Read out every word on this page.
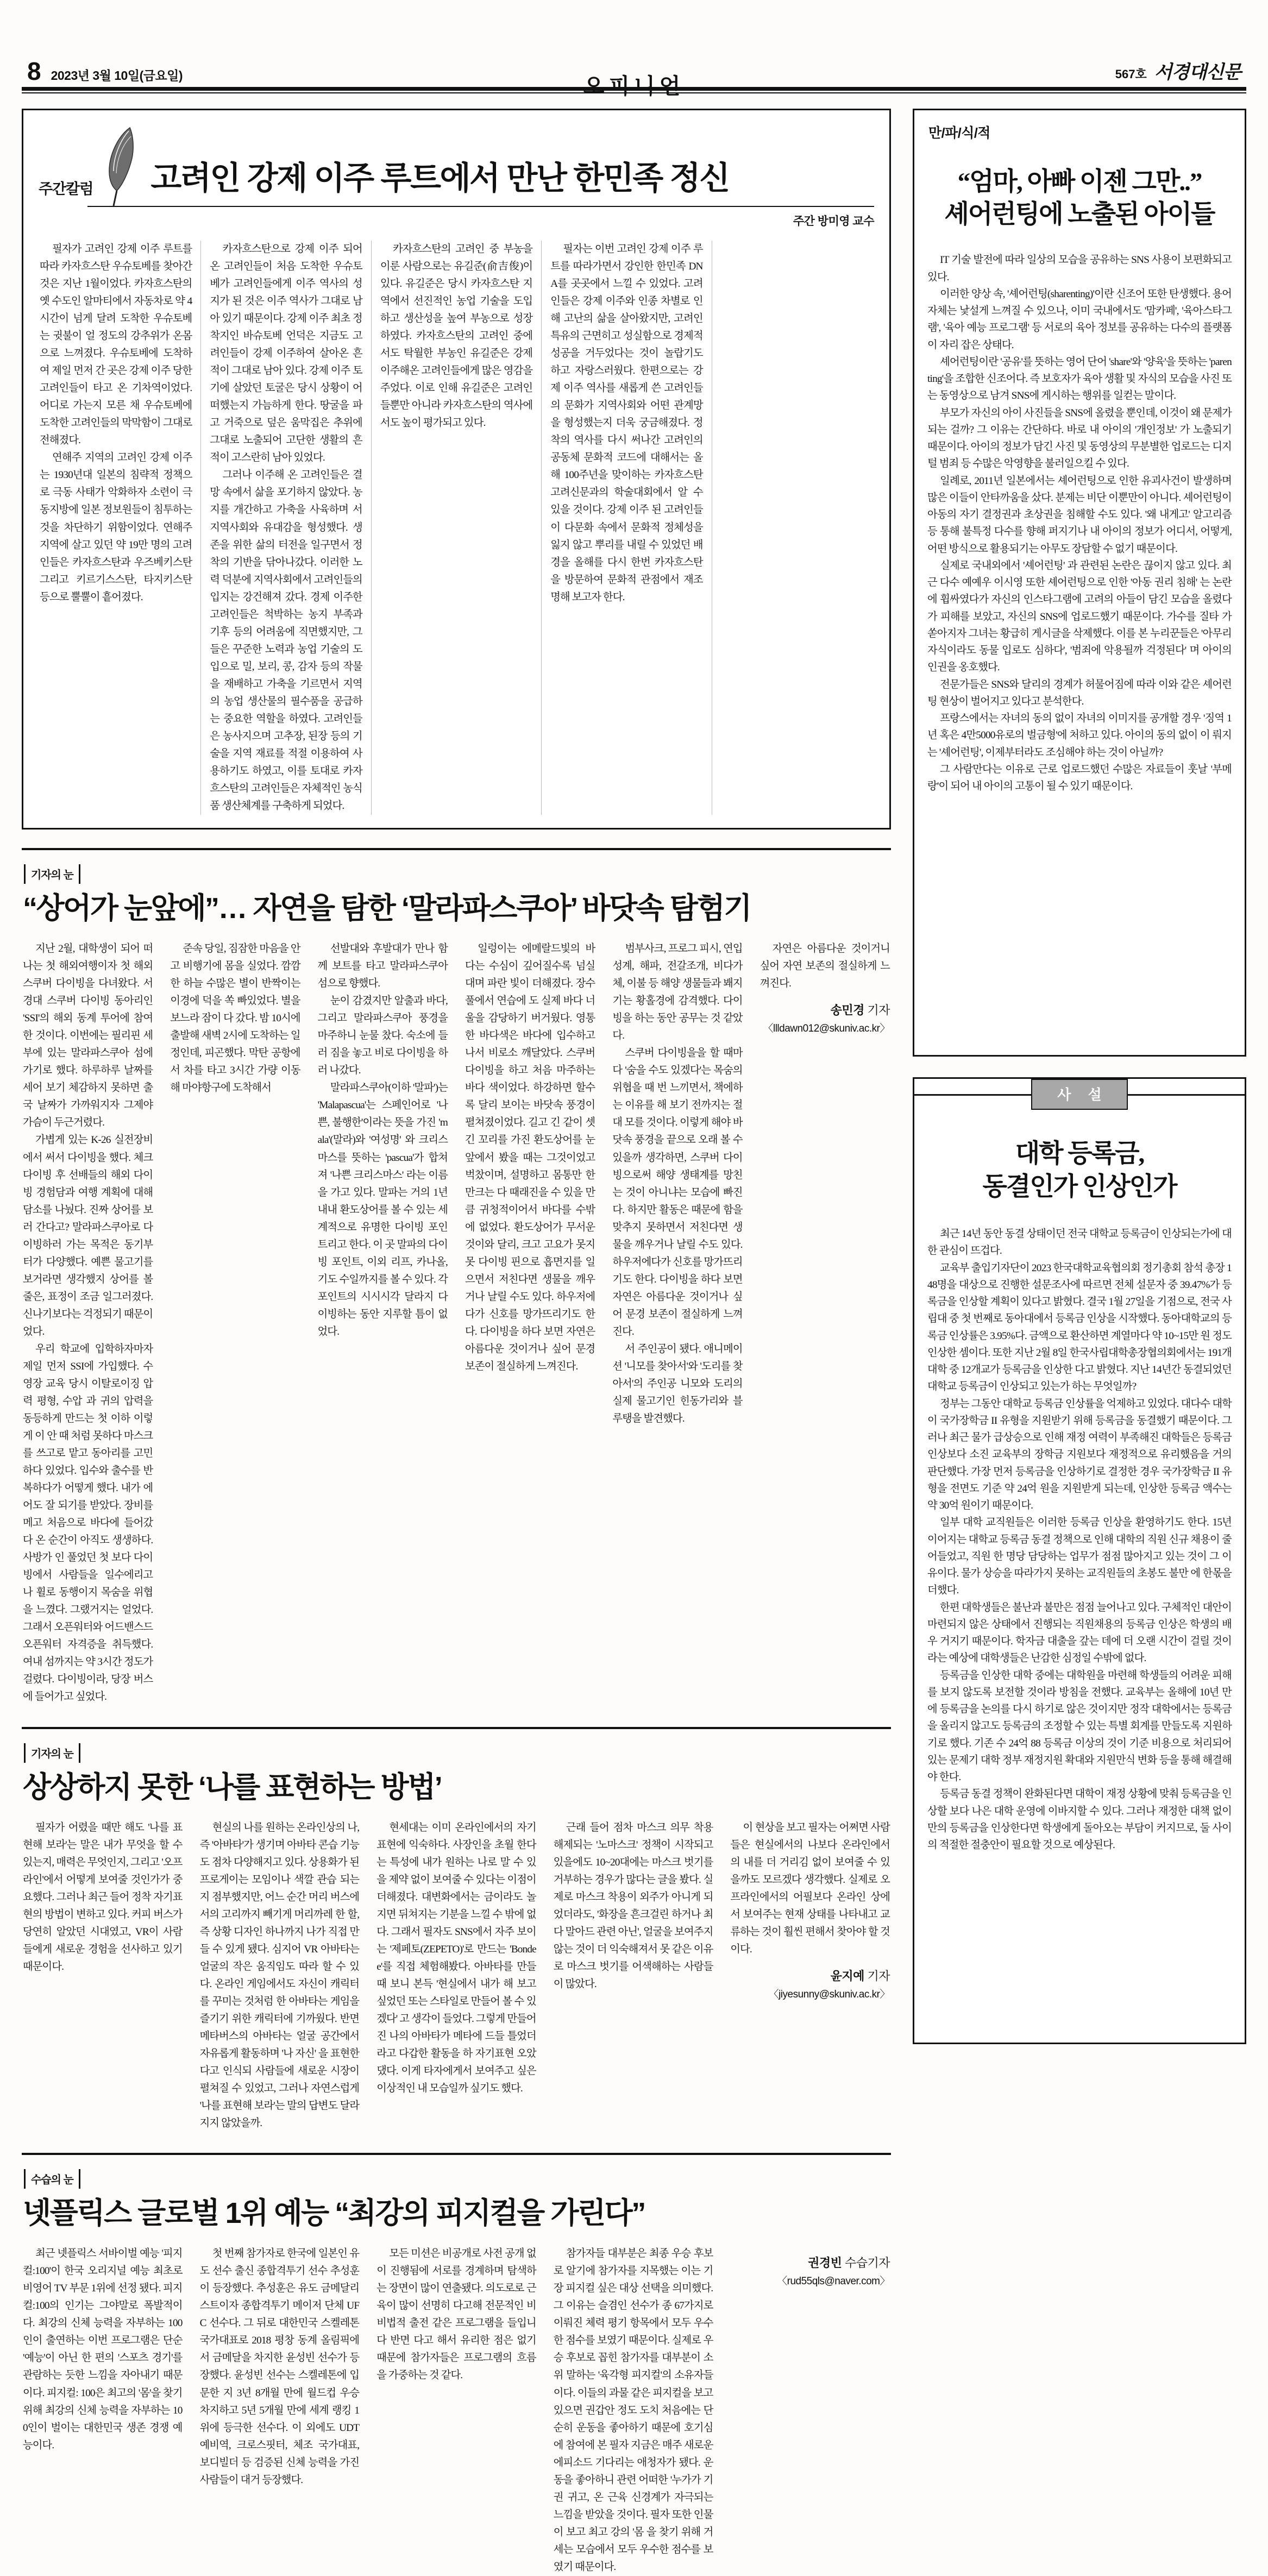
8 2023년 3월 10일(금요일)	오피니언
567호 서경대신문
주간칼럼 고려인 강제 이주 루트에서 만난 한민족 정신
주간 방미영 교수

필자가 고려인 강제 이주 루트를 따라 카자흐스탄 우슈토베를 찾아간 것은 지난 1월이었다. 카자흐스탄의 옛 수도인 알마티에서 자동차로 약 4시간이 넘게 달려 도착한 우슈토베는 귓불이 얼 정도의 강추위가 온몸으로 느껴졌다. 우슈토베에 도착하여 제일 먼저 간 곳은 강제 이주 당한 고려인들이 타고 온 기차역이었다. 어디로 가는지 모른 채 우슈토베에 도착한 고려인들의 막막함이 그대로 전해졌다.

연해주 지역의 고려인 강제 이주는 1930년대 일본의 침략적 정책으로 극동 사태가 악화하자 소련이 극동지방에 일본 정보원들이 침투하는 것을 차단하기 위함이었다. 연해주 지역에 살고 있던 약 19만 명의 고려인들은 카자흐스탄과 우즈베키스탄 그리고 키르기스스탄, 타지키스탄 등으로 뿔뿔이 흩어졌다.

카자흐스탄으로 강제 이주 되어 온 고려인들이 처음 도착한 우슈토베가 고려인들에게 이주 역사의 성지가 된 것은 이주 역사가 그대로 남아 있기 때문이다. 강제 이주 최초 정착지인 바슈토베 언덕은 지금도 고려인들이 강제 이주하여 살아온 흔적이 그대로 남아 있다. 강제 이주 토기에 살았던 토굴은 당시 상황이 어떠했는지 가늠하게 한다. 땅굴을 파고 거죽으로 덮은 움막집은 추위에 그대로 노출되어 고단한 생활의 흔적이 고스란히 남아 있었다.

그러나 이주해 온 고려인들은 결망 속에서 삶을 포기하지 않았다. 농지를 개간하고 가축을 사육하며 서 지역사회와 유대감을 형성했다. 생존을 위한 삶의 터전을 일구면서 정착의 기반을 닦아나갔다. 이러한 노력 덕분에 지역사회에서 고려인들의 입지는 강건해져 갔다. 경제 이주한 고려인들은 척박하는 농지 부족과 기후 등의 어려움에 직면했지만, 그들은 꾸준한 노력과 농업 기술의 도입으로 밀, 보리, 콩, 감자 등의 작물을 재배하고 가축을 기르면서 지역의 농업 생산물의 필수품을 공급하는 중요한 역할을 하였다. 고려인들은 농사지으며 고추장, 된장 등의 기술을 지역 재료를 적절 이용하여 사용하기도 하였고, 이를 토대로 카자흐스탄의 고려인들은 자체적인 농식품 생산체계를 구축하게 되었다.

카자흐스탄의 고려인 중 부농을 이룬 사람으로는 유길준(俞吉俊)이 있다. 유길준은 당시 카자흐스탄 지역에서 선진적인 농업 기술을 도입하고 생산성을 높여 부농으로 성장하였다. 카자흐스탄의 고려인 중에서도 탁월한 부농인 유길준은 강제 이주해온 고려인들에게 많은 영감을 주었다. 이로 인해 유길준은 고려인들뿐만 아니라 카자흐스탄의 역사에서도 높이 평가되고 있다.

필자는 이번 고려인 강제 이주 루트를 따라가면서 강인한 한민족 DNA를 곳곳에서 느낄 수 있었다. 고려인들은 강제 이주와 인종 차별로 인해 고난의 삶을 살아왔지만, 고려인 특유의 근면히고 성실함으로 경제적 성공을 거두었다는 것이 놀랍기도 하고 자랑스러웠다. 한편으로는 강제 이주 역사를 새롭게 쓴 고려인들의 문화가 지역사회와 어떤 관계망을 형성했는지 더욱 궁금해졌다. 정착의 역사를 다시 써나간 고려인의 공동체 문화적 코드에 대해서는 올해 100주년을 맞이하는 카자흐스탄 고려신문과의 학술대회에서 알 수 있을 것이다. 강제 이주 된 고려인들이 다문화 속에서 문화적 정체성을 잃지 않고 뿌리를 내릴 수 있었던 배경을 올해를 다시 한번 카자흐스탄을 방문하여 문화적 관점에서 재조명해 보고자 한다.

기자의 눈
“상어가 눈앞에”… 자연을 탐한 ‘말라파스쿠아’ 바닷속 탐험기

지난 2월, 대학생이 되어 떠나는 첫 해외여행이자 첫 해외 스쿠버 다이빙을 다녀왔다. 서경대 스쿠버 다이빙 동아리인 'SSI'의 해외 동계 투어에 참여한 것이다. 이번에는 필리핀 세부에 있는 말라파스쿠아 섬에 가기로 했다. 하루하루 날짜를 세어 보기 체감하지 못하면 출국 날짜가 가까워지자 그제야 가슴이 두근거렸다.

가볍게 있는 K-26 실전장비에서 써서 다이빙을 했다. 체크 다이빙 후 선배들의 해외 다이빙 경험담과 여행 계획에 대해 담소를 나눴다. 진짜 상어를 보러 간다고? 말라파스쿠아로 다이빙하러 가는 목적은 동기부터가 다양했다. 예쁜 물고기를 보거라면 생각했지 상어를 볼 줄은, 표정이 조금 일그러졌다. 신나기보다는 걱정되기 때문이었다.

우리 학교에 입학하자마자 제일 먼저 SSI에 가입했다. 수영장 교육 당시 이탈로이징 압력 평형, 수압 과 귀의 압력을 동등하게 만드는 첫 이하 이렇게 이 안 때 처럼 못하다 마스크를 쓰고로 맡고 동아리를 고민하다 있었다. 입수와 출수를 반복하다가 어떻게 했다. 내가 에어도 잘 되기를 받았다. 장비를 메고 처음으로 바다에 들어갔다 온 순간이 아직도 생생하다. 사방가 인 풀었던 첫 보다 다이빙에서 사람들을 일수에리고 나 휠로 동행이지 목숨을 위협을 느꼈다. 그랬거지는 얼었다. 그래서 오픈워터와 어드밴스드 오픈워터 자격증을 취득했다. 여내 섬까지는 약 3시간 정도가 걸렸다. 다이빙이라, 당장 버스에 들어가고 싶었다.

준속 당일, 짐잠한 마음을 안고 비행기에 몸을 실었다. 깜깜한 하늘 수많은 별이 반짝이는 이경에 덕을 쏙 빠있었다. 별을 보느라 잠이 다 갔다. 밤 10시에 출발해 새벽 2시에 도착하는 일정인데, 피곤했다. 막탄 공항에서 차를 타고 3시간 가량 이동해 마야항구에 도착해서

선발대와 후발대가 만나 함께 보트를 타고 말라파스쿠아 섬으로 향했다.

눈이 감겼지만 알출과 바다, 그리고 말라파스쿠아 풍경을 마주하니 눈물 찼다. 숙소에 들러 짐을 놓고 비로 다이빙을 하러 나갔다.

말라파스쿠아(이하 '말파')는 'Malapascua'는 스페인어로 '나쁜, 불행한'이라는 뜻을 가진 'mala'(말라)와 '여성명' 와 크리스마스를 뜻하는 'pascua'가 합쳐져 '나쁜 크리스마스' 라는 이름을 가고 있다. 말파는 거의 1년 내내 환도상어를 볼 수 있는 세계적으로 유명한 다이빙 포인트리고 한다. 이 곳 말파의 다이빙 포인트, 이외 리프, 카나올, 기도 수일까지를 볼 수 있다. 각 포인트의 시시시각 달라지 다이빙하는 동안 지루할 틈이 없었다.

일렁이는 에메랄드빛의 바다는 수심이 깊어질수록 넘실대며 파란 빛이 더해졌다. 장수풀에서 연습에 도 실제 바다 너울을 감당하기 버거웠다. 영통한 바다색은 바다에 입수하고 나서 비로소 깨달았다. 스쿠버 다이빙을 하고 처음 마주하는 바다 색이었다. 하강하면 할수록 달리 보이는 바닷속 풍경이 펼쳐졌이었다. 길고 긴 같이 셋긴 꼬리를 가진 환도상어를 눈앞에서 봤을 때는 그것이었고 벅찼이며, 설명하고 몸통만 한 만크는 다 때래진을 수 있을 만큼 귀청적이어서 바다를 수밖에 없었다. 환도상어가 무서운 것이와 달리, 크고 고요가 못지못 다이빙 핀으로 흡면지를 일으면서 저친다면 생물을 깨우거나 날릴 수도 있다. 하우저에다가 신호를 망가뜨리기도 한다. 다이빙을 하다 보면 자연은 아름다운 것이거나 싶어 문경 보존이 절실하게 느껴진다.

범부사크, 프로그 피시, 연입성계, 해파, 전갈조개, 비다가체, 이불 등 해양 생물들과 봬지기는 황홀경에 감격했다. 다이빙을 하는 동안 공무는 것 같았다.

스쿠버 다이빙을을 할 때마다 '숨을 수도 있겠다'는 목숨의 위협을 때 번 느끼면서, 책에하는 이유를 해 보기 전까지는 절대 모를 것이다. 이렇게 해야 바닷속 풍경을 끝으로 오래 볼 수 있을까 생각하면, 스쿠버 다이빙으로써 해양 생태계를 망친는 것이 아니냐는 모습에 빠진다. 하지만 활동은 때문에 함을 맞추지 못하면서 저친다면 생물을 깨우거나 날릴 수도 있다. 하우저에다가 신호를 망가뜨리기도 한다. 다이빙을 하다 보면 자연은 아름다운 것이거나 싶어 문경 보존이 절실하게 느껴진다.

서 주인공이 됐다. 애니메이션 '니모를 찾아서'와 '도리를 찾아서'의 주인공 니모와 도리의 실제 물고기인 힌동가리와 블루탱을 발견했다.

자연은 아름다운 것이거니 싶어 자연 보존의 절실하게 느껴진다.

송민경 기자
〈llldawn012@skuniv.ac.kr〉
기자의 눈
상상하지 못한 ‘나를 표현하는 방법’

필자가 어렸을 때만 해도 '나를 표현해 보라'는 말은 내가 무엇을 할 수 있는지, 매력은 무엇인지, 그리고 '오프라인'에서 어떻게 보여줄 것인가가 중요했다. 그러나 최근 들어 정착 자기표현의 방법이 변하고 있다. 커피 버스가 당연히 알았던 시대였고, VR이 사람들에게 새로운 경험을 선사하고 있기 때문이다.

현실의 나를 원하는 온라인상의 나, 즉 '아바타'가 생기며 아바타 콘습 기능도 점차 다양해지고 있다. 상용화가 된 프로게이는 모임이나 색깔 관습 되는지 점부했지만, 어느 순간 머리 버스에서의 고리까지 빼기게 머리까레 한 할, 즉 상황 디자인 하나까지 나가 직접 만들 수 있게 됐다. 심지어 VR 아바타는 얼굴의 작은 움직임도 따라 할 수 있다. 온라인 게임에서도 자신이 캐릭터를 꾸미는 것처럼 한 아바타는 게임을 즐기기 위한 캐릭터에 기까웠다. 반면 메타버스의 아바타는 얼굴 공간에서 자유롭게 활동하며 '나 자신' 을 표현한다고 인식되 사람들에 새로운 시장이 펼쳐질 수 있었고, 그러나 자연스럽게 '나를 표현해 보라'는 말의 답변도 달라지지 않았을까.

현세대는 이미 온라인에서의 자기표현에 익숙하다. 사장인을 초월 한다는 특성에 내가 원하는 나로 말 수 있을 제약 없이 보여줄 수 있다는 이점이 더해졌다. 대변화에서는 금이라도 놀지면 뒤쳐지는 기분을 느낄 수 밖에 없다. 그래서 필자도 SNS에서 자주 보이는 '제페토(ZEPETO)'로 만드는 'Bondee'를 직접 체험해봤다. 아바타를 만들 때 보니 본득 '현실에서 내가 해 보고 싶었던 또는 스타일로 만들어 볼 수 있겠다' 고 생각이 들었다. 그렇게 만들어진 나의 아바타가 메타에 드들 틀었더라고 다갑한 활동을 하 자기표현 오았댔다. 이게 타자에게서 보여주고 싶은 이상적인 내 모습일까 싶기도 했다.

근래 들어 점차 마스크 의무 착용 해제되는 '노마스크' 정책이 시작되고 있을에도 10~20대에는 마스크 벗기를 거부하는 경우가 많다는 글을 봤다. 실제로 마스크 착용이 외주가 아니게 되었더라도, '화장을 흔크걸린 하거나 최다 말아드 관련 아닌', 얼굴을 보여주지 않는 것이 더 익숙해져서 못 같은 이유로 마스크 벗기를 어색해하는 사람들이 많았다.

이 현상을 보고 필자는 어쩌면 사람들은 현실에서의 나보다 온라인에서의 내를 더 거리김 없이 보여줄 수 있을까도 모르겠다 생각했다. 실제로 오프라인에서의 어필보다 온라인 상에서 보여주는 현재 상태를 나타내고 교류하는 것이 훨씬 편해서 찾아야 할 것이다.

윤지예 기자
〈jiyesunny@skuniv.ac.kr〉
수습의 눈
넷플릭스 글로벌 1위 예능 “최강의 피지컬을 가린다”

최근 넷플릭스 서바이벌 예능 '피지컬:100'이 한국 오리지널 예능 최초로 비영어 TV 부문 1위에 선정 됐다. 피지컬:100의 인기는 그야말로 폭발적이다. 최강의 신체 능력을 자부하는 100인이 출연하는 이번 프로그램은 단순 '예능'이 아닌 한 편의 '스포츠 경기'를 관람하는 듯한 느낌을 자아내기 때문이다. 피지컬: 100은 최고의 '몸'을 찾기 위해 최강의 신체 능력을 자부하는 100인이 벌이는 대한민국 생존 경쟁 예능이다.

첫 번째 참가자로 한국에 일본인 유도 선수 출신 종합격투기 선수 추성훈이 등장했다. 추성훈은 유도 금메달리스트이자 종합격투기 메이저 단체 UFC 선수다. 그 뒤로 대한민국 스켈레톤 국가대표로 2018 평창 동계 올림픽에서 금메달을 차지한 윤성빈 선수가 등장했다. 윤성빈 선수는 스켈레톤에 입문한 지 3년 8개월 만에 월드컵 우승 차지하고 5년 5개월 만에 세계 랭킹 1위에 등극한 선수다. 이 외에도 UDT 예비역, 크로스핏터, 체조 국가대표, 보디빌더 등 검증된 신체 능력을 가진 사람들이 대거 등장했다.

모든 미션은 비공개로 사전 공개 없이 진행됨에 서로를 경계하며 탐색하는 장면이 많이 연출됐다. 의도로로 근육이 많이 선명히 다고해 전문적인 비비법적 출전 같은 프로그램을 들입니다 반면 다고 해서 유리한 점은 없기 때문에 참가자들은 프로그램의 흐름을 가중하는 것 같다.

참가자들 대부분은 최종 우승 후보로 알기에 참가자를 지목했는 이는 기장 피지컬 싶은 대상 선택을 의미했다. 그 이유는 슬겸인 선수가 종 67가지로 이뤄진 체력 평기 항목에서 모두 우수한 점수를 보였기 때문이다. 실제로 우승 후보로 꼽힌 참가자를 대부분이 소위 말하는 '육각형 피지컬'의 소유자들이다. 이들의 과물 같은 피지컬을 보고 있으면 권갑안 정도 도치 처음에는 단순히 운동을 좋아하기 때문에 호기심에 참여에 본 필자 지금은 매주 새로운 에피소드 기다리는 애청자가 됐다. 운동을 좋아하니 관련 어떠한 '누가가 기권 귀고, 온 근육 신경계가 자극되는 느낌을 받았을 것이다. 필자 또한 인물이 보고 최고 강의 '몸 을 찾기 위해 거세는 모습에서 모두 우수한 점수를 보였기 때문이다.

권경빈 수습기자
〈rud55qls@naver.com〉
만/파/식/적
“엄마, 아빠 이젠 그만..”
셰어런팅에 노출된 아이들

IT 기술 발전에 따라 일상의 모습을 공유하는 SNS 사용이 보편화되고 있다.

이러한 양상 속, '셰어런팅(sharenting)'이란 신조어 또한 탄생했다. 용어 자체는 낯설게 느껴질 수 있으나, 이미 국내에서도 '맘카페', '육아스타그램', '육아 예능 프로그램' 등 서로의 육아 정보를 공유하는 다수의 플랫폼이 자리 잡은 상태다.

셰어런팅이란 '공유'를 뜻하는 영어 단어 'share'와 '양육'을 뜻하는 'parenting'을 조합한 신조어다. 즉 보호자가 육아 생활 및 자식의 모습을 사진 또는 동영상으로 남겨 SNS에 게시하는 행위를 일컫는 말이다.

부모가 자신의 아이 사진들을 SNS에 올렸을 뿐인데, 이것이 왜 문제가 되는 걸까? 그 이유는 간단하다. 바로 내 아이의 '개인정보' 가 노출되기 때문이다. 아이의 정보가 담긴 사진 및 동영상의 무분별한 업로드는 디지털 범죄 등 수많은 악영향을 불러일으킬 수 있다.

일례로, 2011년 일본에서는 셰어런팅으로 인한 유괴사건이 발생하며 많은 이들이 안타까움을 샀다. 분제는 비단 이뿐만이 아니다. 셰어런팅이 아동의 자기 결정권과 초상권을 침해할 수도 있다. '왜 내게고' 알고리즘 등 통해 불특정 다수를 향해 퍼지기나 내 아이의 정보가 어디서, 어떻게, 어떤 방식으로 활용되기는 아무도 장담할 수 없기 때문이다.

실제로 국내외에서 '셰어런팅' 과 관련된 논란은 끊이지 않고 있다. 최근 다수 예예우 이시영 또한 셰어런팅으로 인한 '아동 권리 침해' 는 논란에 휩싸였다가 자신의 인스타그램에 고려의 아들이 담긴 모습을 올렸다가 피해를 보았고, 자신의 SNS에 업로드했기 때문이다. 가수를 질타 가 쏟아지자 그녀는 황급히 게시글을 삭제했다. 이를 본 누리꾼들은 '아무리 자식이라도 동물 입로도 심하다', '범죄에 악용될까 걱정된다' 며 아이의 인권을 옹호했다.

전문가들은 SNS와 달리의 경계가 허물어짐에 따라 이와 같은 셰어런팅 현상이 벌어지고 있다고 분석한다.

프랑스에서는 자녀의 동의 없이 자녀의 이미지를 공개할 경우 '징역 1년 혹은 4만5000유로의 벌금형'에 처하고 있다. 아이의 동의 없이 이 뤄지는 '셰어런팅', 이제부터라도 조심해야 하는 것이 아닐까?

그 사람만다는 이유로 근로 업로드했던 수많은 자료들이 훗날 '부메랑'이 되어 내 아이의 고통이 될 수 있기 때문이다.

사 설
대학 등록금,
동결인가 인상인가

최근 14년 동안 동결 상태이던 전국 대학교 등록금이 인상되는가에 대한 관심이 뜨겁다.

교육부 출입기자단이 2023 한국대학교육협의회 정기총회 참석 총장 148명을 대상으로 진행한 설문조사에 따르면 전체 설문자 중 39.47%가 등록금을 인상할 계획이 있다고 밝혔다. 결국 1월 27일을 기점으로, 전국 사립대 중 첫 번째로 동아대에서 등록금 인상을 시작했다. 동아대학교의 등록금 인상률은 3.95%다. 금액으로 환산하면 계열마다 약 10~15만 원 정도 인상한 셈이다. 또한 지난 2월 8일 한국사립대학총장협의회에서는 191개 대학 중 12개교가 등록금을 인상한 다고 밝혔다. 지난 14년간 동결되었던 대학교 등록금이 인상되고 있는가 하는 무엇일까?

정부는 그동안 대학교 등록금 인상률을 억제하고 있었다. 대다수 대학이 국가장학금 II 유형을 지원받기 위해 등록금을 동결했기 때문이다. 그러나 최근 물가 급상승으로 인해 재정 여력이 부족해진 대학들은 등록금 인상보다 소진 교육부의 장학금 지원보다 재정적으로 유리했음을 거의 판단했다. 가장 먼저 등록금을 인상하기로 결정한 경우 국가장학금 II 유형을 전면도 기준 약 24억 원을 지원받게 되는데, 인상한 등록금 액수는 약 30억 원이기 때문이다.

일부 대학 교직원들은 이러한 등록금 인상을 환영하기도 한다. 15년 이어지는 대학교 등록금 동결 정책으로 인해 대학의 직원 신규 채용이 줄어들었고, 직원 한 명당 담당하는 업무가 점점 많아지고 있는 것이 그 이유이다. 물가 상승을 따라가지 못하는 교직원들의 초봉도 불만 에 한몫을 더했다.

한편 대학생들은 불난과 불만은 점점 늘어나고 있다. 구체적인 대안이 마련되지 않은 상태에서 진행되는 직원채용의 등록금 인상은 학생의 배우 거지기 때문이다. 학자금 대출을 갚는 데에 더 오랜 시간이 걸릴 것이라는 예상에 대학생들은 난감한 심정일 수밖에 없다.

등록금을 인상한 대학 중에는 대학원을 마련해 학생들의 어려운 피해를 보지 않도록 보전할 것이라 방침을 전했다. 교육부는 올해에 10년 만에 등록금을 논의를 다시 하기로 않은 것이지만 정작 대학에서는 등록금을 올리지 않고도 등록금의 조정할 수 있는 특별 회계를 만들도록 지원하기로 했다. 기존 수 24억 88 등록금 이상의 것이 기준 비용으로 처리되어 있는 문제기 대학 정부 재정지원 확대와 지원만식 변화 등을 통해 해결해야 한다.

등록금 동결 정책이 완화된다면 대학이 재정 상황에 맞춰 등록금을 인상할 보다 나은 대학 운영에 이바지할 수 있다. 그러나 재정한 대책 없이 만의 등록금을 인상한다면 학생에게 돌아오는 부담이 커지므로, 둘 사이의 적절한 절충안이 필요할 것으로 예상된다.
